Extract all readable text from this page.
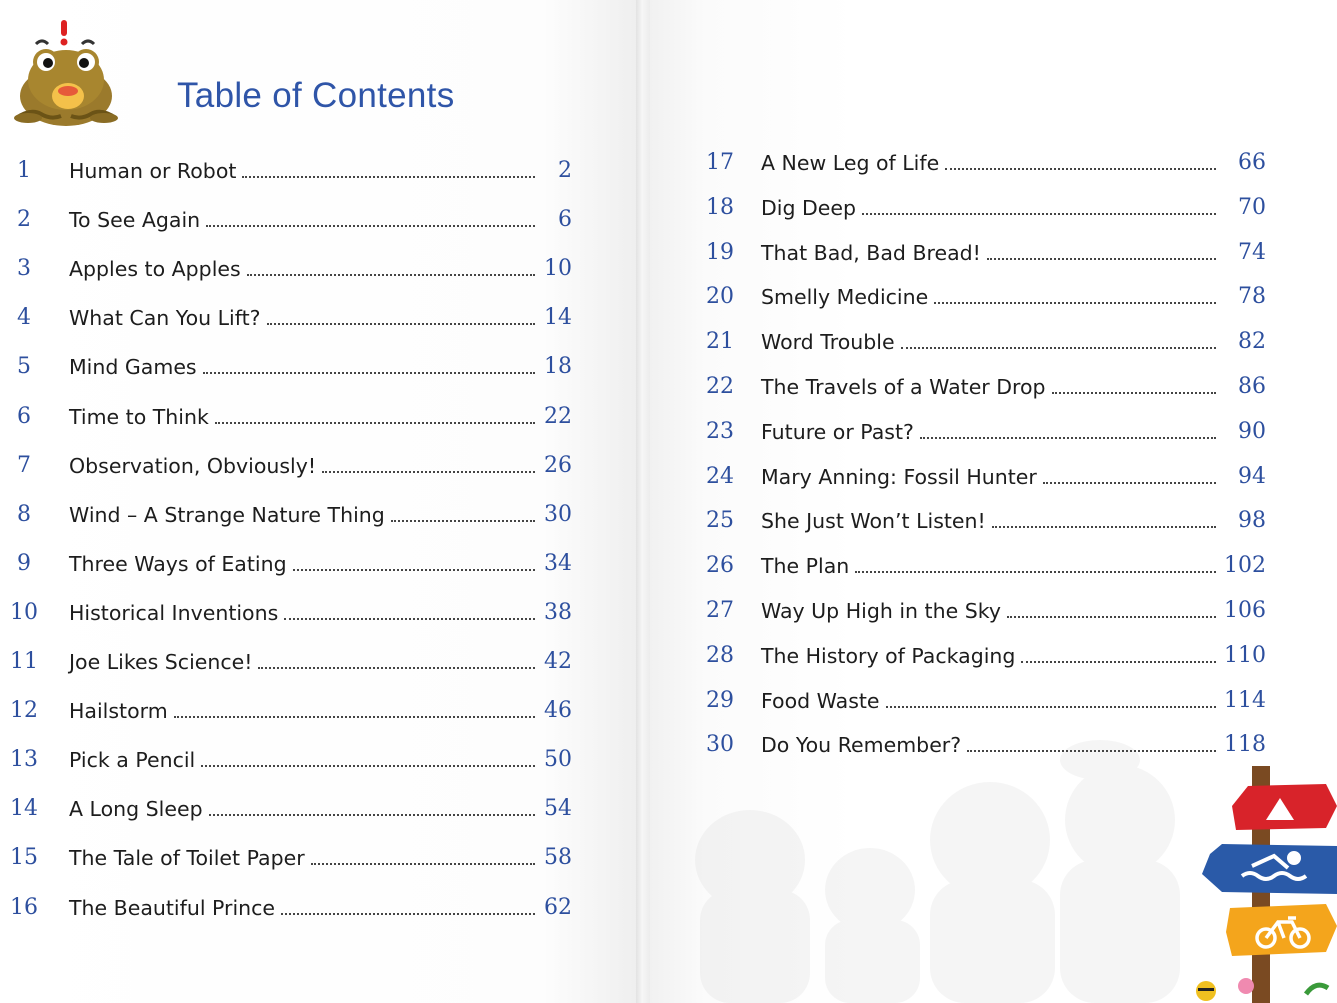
Table of Contents
1	Human or Robot	2
2	To See Again	6
3	Apples to Apples	10
4	What Can You Lift?	14
5	Mind Games	18
6	Time to Think	22
7	Observation, Obviously!	26
8	Wind – A Strange Nature Thing	30
9	Three Ways of Eating	34
10 Historical Inventions	38
11 Joe Likes Science!	42
12 Hailstorm	46
13 Pick a Pencil	50
14 A Long Sleep	54
15 The Tale of Toilet Paper	58
16 The Beautiful Prince	62
17 A New Leg of Life	66
18 Dig Deep	70
19 That Bad, Bad Bread!	74
20 Smelly Medicine	78
21 Word Trouble	82
22 The Travels of a Water Drop	86
23 Future or Past?	90
24 Mary Anning: Fossil Hunter	94
25 She Just Won’t Listen!	98
26 The Plan	102
27 Way Up High in the Sky	106
28 The History of Packaging	110
29 Food Waste	114
30 Do You Remember?	118
